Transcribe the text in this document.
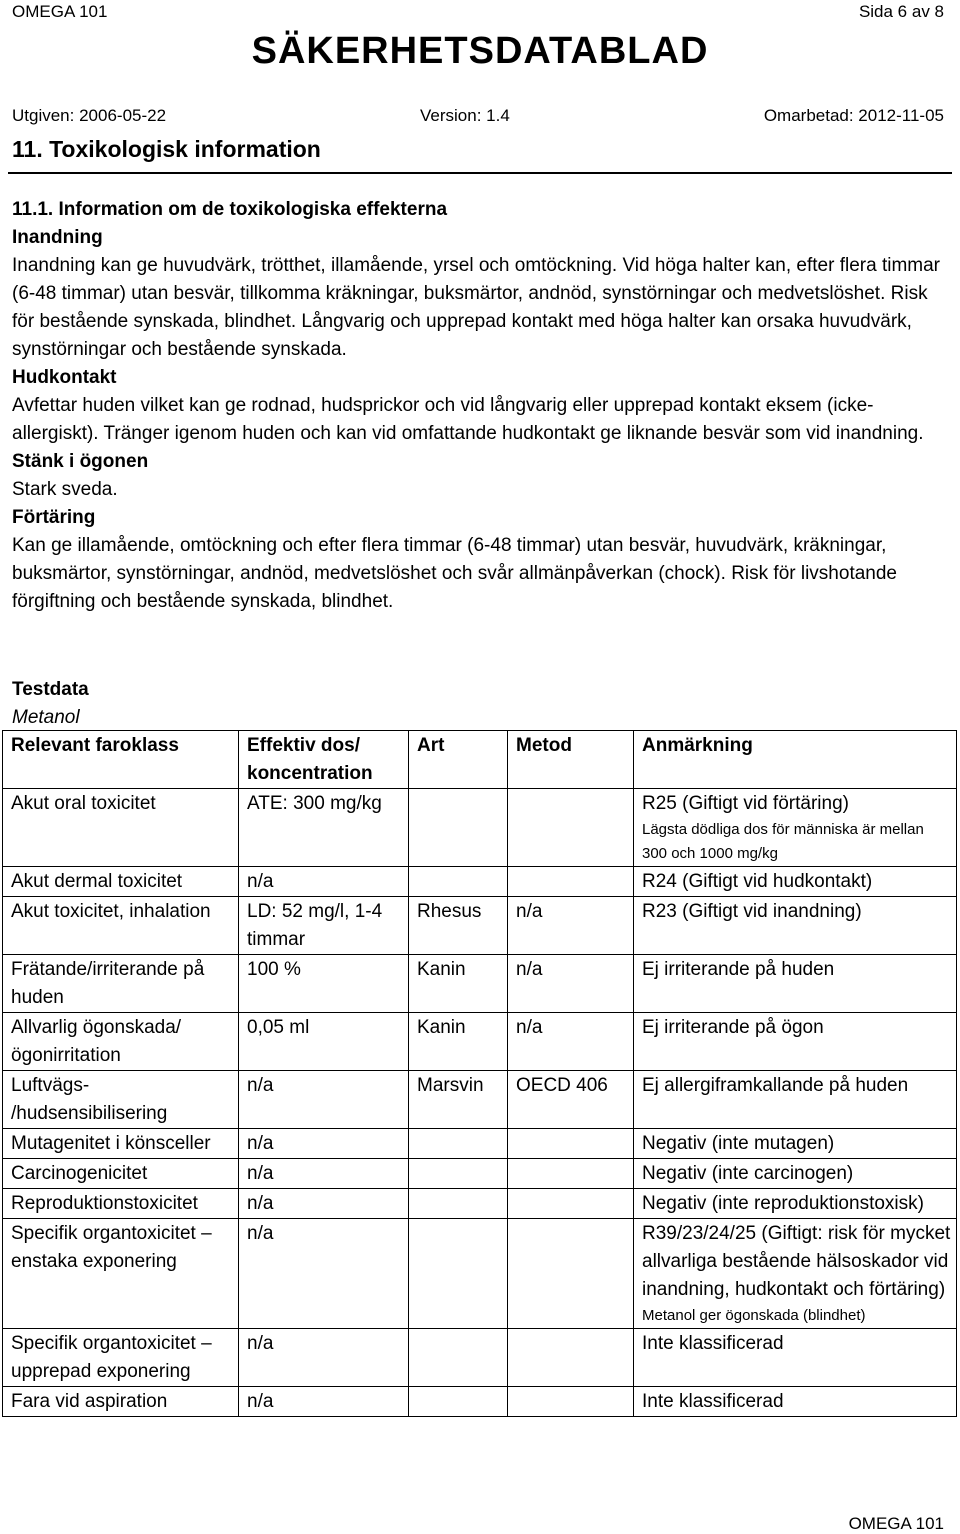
OMEGA 101	Sida 6 av 8
SÄKERHETSDATABLAD
Utgiven: 2006-05-22	Version: 1.4	Omarbetad: 2012-11-05
11. Toxikologisk information

11.1. Information om de toxikologiska effekterna

Inandning

Inandning kan ge huvudvärk, trötthet, illamående, yrsel och omtöckning. Vid höga halter kan, efter flera timmar (6-48 timmar) utan besvär, tillkomma kräkningar, buksmärtor, andnöd, synstörningar och medvetslöshet. Risk för bestående synskada, blindhet. Långvarig och upprepad kontakt med höga halter kan orsaka huvudvärk, synstörningar och bestående synskada.

Hudkontakt

Avfettar huden vilket kan ge rodnad, hudsprickor och vid långvarig eller upprepad kontakt eksem (icke-allergiskt). Tränger igenom huden och kan vid omfattande hudkontakt ge liknande besvär som vid inandning.

Stänk i ögonen

Stark sveda.

Förtäring

Kan ge illamående, omtöckning och efter flera timmar (6-48 timmar) utan besvär, huvudvärk, kräkningar, buksmärtor, synstörningar, andnöd, medvetslöshet och svår allmänpåverkan (chock). Risk för livshotande förgiftning och bestående synskada, blindhet.

Testdata
Metanol
Relevant faroklass	Effektiv dos/ koncentration	Art	Metod	Anmärkning
Akut oral toxicitet	ATE: 300 mg/kg			R25 (Giftigt vid förtäring)
Lägsta dödliga dos för människa är mellan 300 och 1000 mg/kg

Akut dermal toxicitet	n/a			R24 (Giftigt vid hudkontakt)
Akut toxicitet, inhalation	LD: 52 mg/l, 1-4 timmar	Rhesus	n/a	R23 (Giftigt vid inandning)
Frätande/irriterande på huden	100 %	Kanin	n/a	Ej irriterande på huden
Allvarlig ögonskada/ ögonirritation	0,05 ml	Kanin	n/a	Ej irriterande på ögon
Luftvägs- /hudsensibilisering	n/a	Marsvin	OECD 406	Ej allergiframkallande på huden
Mutagenitet i könsceller	n/a			Negativ (inte mutagen)
Carcinogenicitet	n/a			Negativ (inte carcinogen)
Reproduktionstoxicitet	n/a			Negativ (inte reproduktionstoxisk)
Specifik organtoxicitet – enstaka exponering	n/a			R39/23/24/25 (Giftigt: risk för mycket allvarliga bestående hälsoskador vid inandning, hudkontakt och förtäring)
Metanol ger ögonskada (blindhet)

Specifik organtoxicitet – upprepad exponering	n/a			Inte klassificerad
Fara vid aspiration	n/a			Inte klassificerad
OMEGA 101
